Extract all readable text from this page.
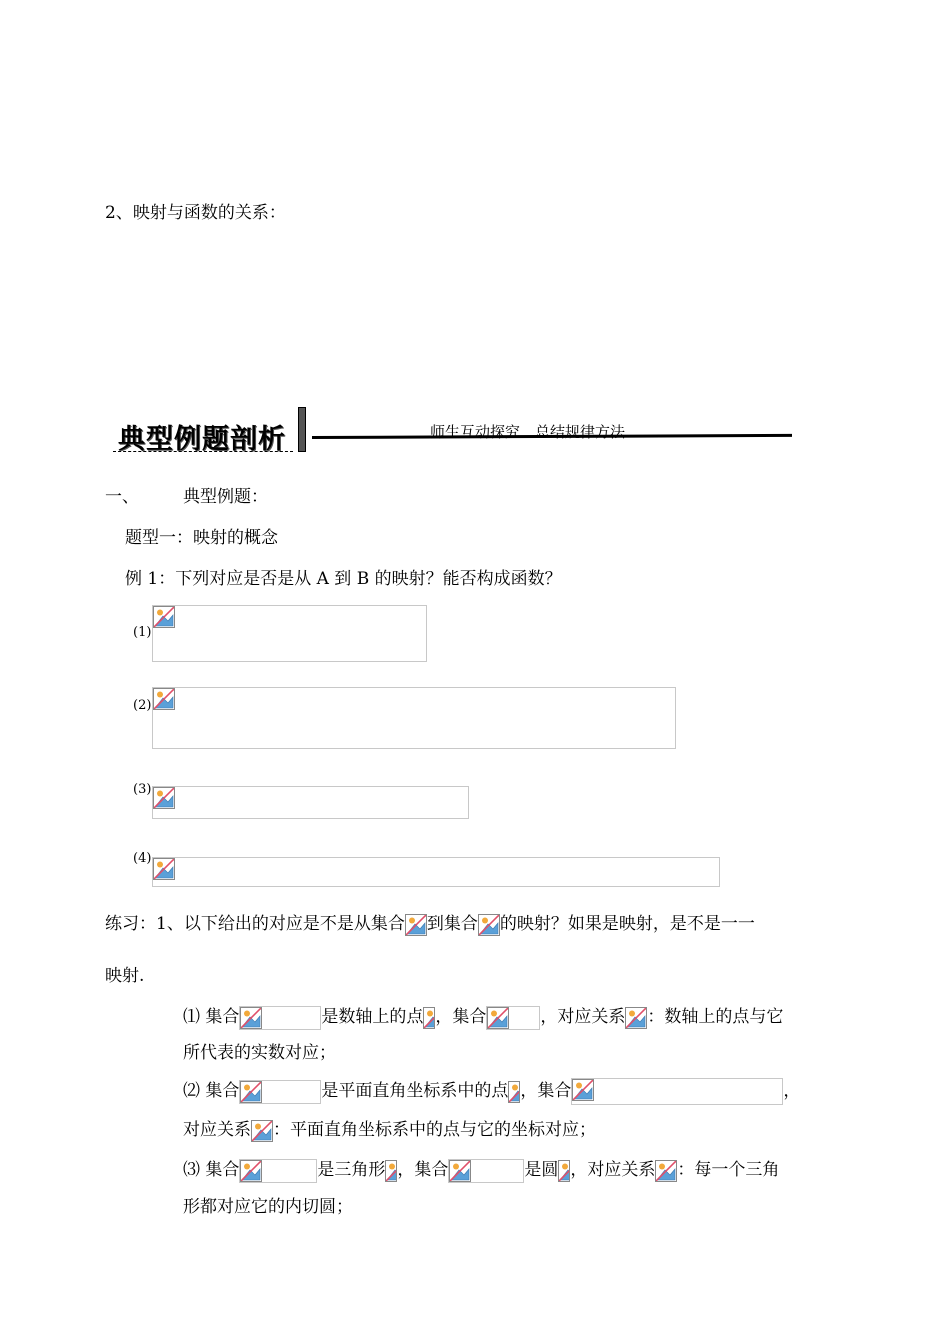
2、映射与函数的关系：
典型例题剖析	师生互动探究　总结规律方法
一、	典型例题：
题型一：映射的概念
例 1：下列对应是否是从 A 到 B 的映射？能否构成函数？
(1)
(2)
(3)
(4)
练习：1、以下给出的对应是不是从集合 到集合 的映射？如果是映射，是不是一一
映射.
⑴ 集合	是数轴上的点 ，集合	，对应关系 ：数轴上的点与它
所代表的实数对应；
⑵ 集合	是平面直角坐标系中的点 ，集合	，
对应关系 ：平面直角坐标系中的点与它的坐标对应；
⑶ 集合	是三角形 ，集合	是圆 ，对应关系 ：每一个三角
形都对应它的内切圆；
